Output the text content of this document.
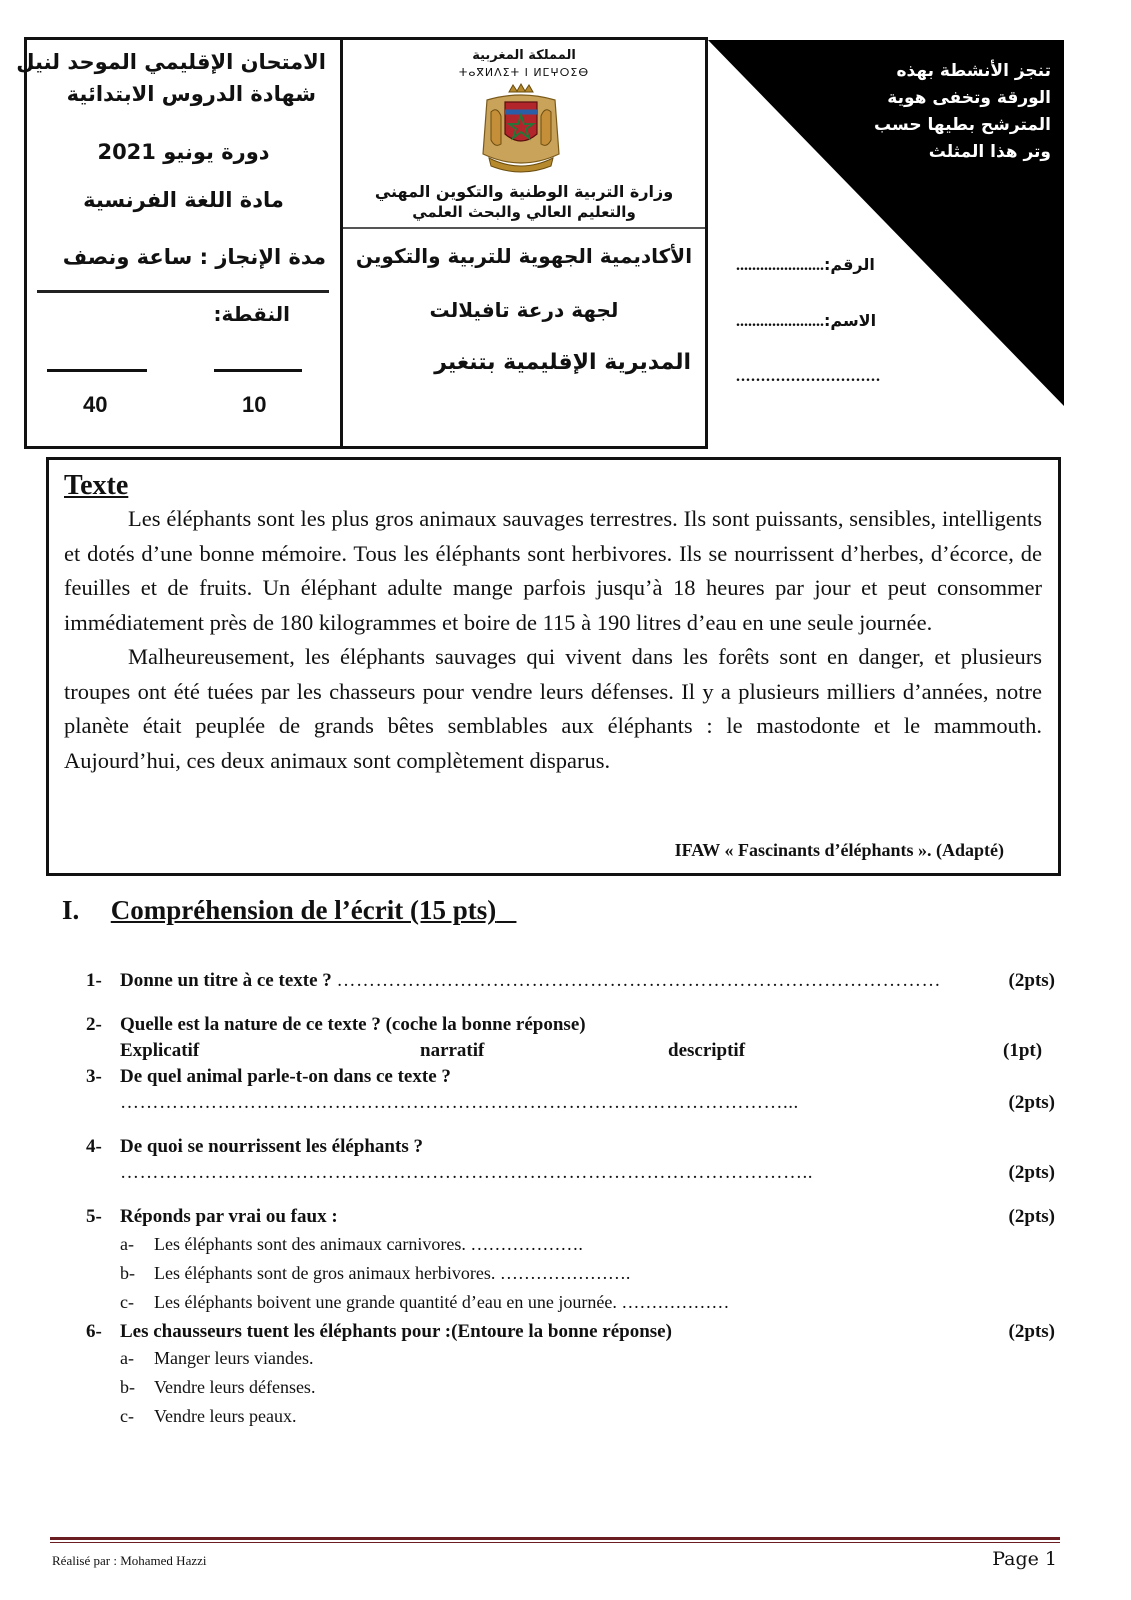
الامتحان الإقليمي الموحد لنيل
شهادة الدروس الابتدائية
دورة يونيو 2021
مادة اللغة الفرنسية
مدة الإنجاز : ساعة ونصف
النقطة:
40	10
المملكة المغربية
ⵜⴰⴳⵍⴷⵉⵜ ⵏ ⵍⵎⵖⵔⵉⴱ
وزارة التربية الوطنية والتكوين المهني
والتعليم العالي والبحث العلمي
الأكاديمية الجهوية للتربية والتكوين
لجهة درعة تافيلالت
المديرية الإقليمية بتنغير
تنجز الأنشطة بهذه
الورقة وتخفى هوية
المترشح بطيها حسب
وتر هذا المثلث
الرقم:......................
الاسم:......................
.............................
Texte

Les éléphants sont les plus gros animaux sauvages terrestres. Ils sont puissants, sensibles, intelligents et dotés d’une bonne mémoire. Tous les éléphants sont herbivores. Ils se nourrissent d’herbes, d’écorce, de feuilles et de fruits. Un éléphant adulte mange parfois jusqu’à 18 heures par jour et peut consommer immédiatement près de 180 kilogrammes et boire de 115 à 190 litres d’eau en une seule journée.

Malheureusement, les éléphants sauvages qui vivent dans les forêts sont en danger, et plusieurs troupes ont été tuées par les chasseurs pour vendre leurs défenses. Il y a plusieurs milliers d’années, notre planète était peuplée de grands bêtes semblables aux éléphants : le mastodonte et le mammouth. Aujourd’hui, ces deux animaux sont complètement disparus.

IFAW « Fascinants d’éléphants ». (Adapté)
I. Compréhension de l’écrit (15 pts)
1- Donne un titre à ce texte ? …………………………………………………………………………………	(2pts)
2- Quelle est la nature de ce texte ? (coche la bonne réponse)
Explicatif	narratif	descriptif	(1pt)
3- De quel animal parle-t-on dans ce texte ?
…………………………………………………………………………………………...	(2pts)
4- De quoi se nourrissent les éléphants ?
……………………………………………………………………………………………..	(2pts)
5- Réponds par vrai ou faux :	(2pts)
a- Les éléphants sont des animaux carnivores. ……………….
b- Les éléphants sont de gros animaux herbivores. ………………….
c- Les éléphants boivent une grande quantité d’eau en une journée. ………………
6- Les chausseurs tuent les éléphants pour :(Entoure la bonne réponse)	(2pts)
a- Manger leurs viandes.
b- Vendre leurs défenses.
c- Vendre leurs peaux.
Réalisé par : Mohamed Hazzi	Page 1
